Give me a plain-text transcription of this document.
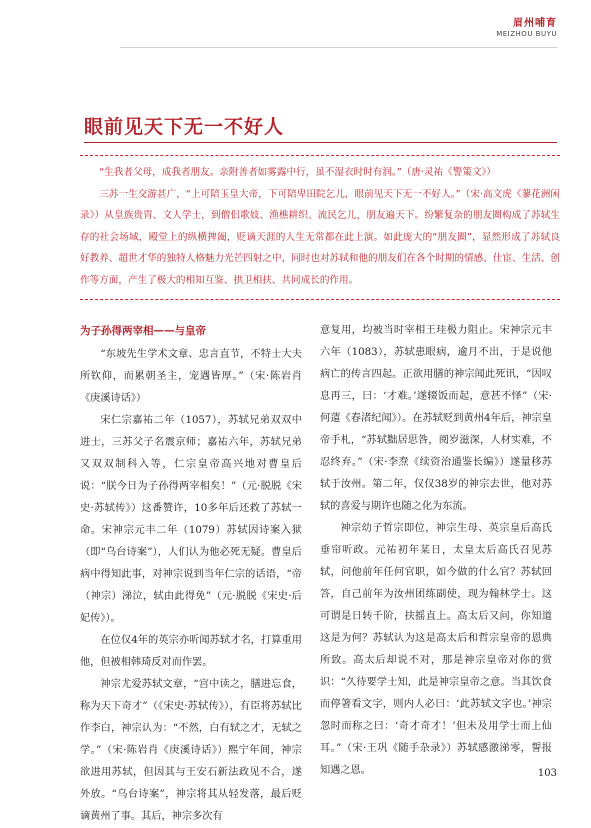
眉州哺育
MEIZHOU BUYU
眼前见天下无一不好人

“生我者父母，成我者朋友。亲附善者如雾露中行，虽不湿衣时时有润。”（唐·灵祐《警策文》）

三苏一生交游甚广，“上可陪玉皇大帝，下可陪卑田院乞儿，眼前见天下无一不好人。”（宋·高文虎《蓼花洲闲录》）从皇族贵胄、文人学士，到僧侣歌妓、渔樵耕织、流民乞儿，朋友遍天下。纷繁复杂的朋友圈构成了苏轼生存的社会场域，殿堂上的纵横捭阖，贬谪天涯的人生无常都在此上演。如此庞大的“朋友圈”，显然形成了苏轼良好教养、超世才华的独特人格魅力光芒四射之中，同时也对苏轼和他的朋友们在各个时期的情感、仕宦、生活、创作等方面，产生了极大的相知互鉴、拱卫相扶、共同成长的作用。

为子孙得两宰相——与皇帝

“东坡先生学术文章、忠言直节，不特士大夫所钦仰，而累朝圣主，宠遇皆厚。”（宋·陈岩肖《庚溪诗话》）

宋仁宗嘉祐二年（1057），苏轼兄弟双双中进士，三苏父子名震京师；嘉祐六年，苏轼兄弟又双双制科入等，仁宗皇帝高兴地对曹皇后说：“朕今日为子孙得两宰相矣！”（元·脱脱《宋史·苏轼传》）这番赞许，10多年后还救了苏轼一命。宋神宗元丰二年（1079）苏轼因诗案入狱（即“乌台诗案”），人们认为他必死无疑。曹皇后病中得知此事，对神宗说到当年仁宗的话语，“帝（神宗）涕泣，轼由此得免”（元·脱脱《宋史·后妃传》）。

在位仅4年的英宗亦听闻苏轼才名，打算重用他，但被相韩琦反对而作罢。

神宗尤爱苏轼文章，“宫中读之，膳进忘食，称为天下奇才”（《宋史·苏轼传》），有臣将苏轼比作李白，神宗认为：“不然，白有轼之才，无轼之学。”（宋·陈岩肖《庚溪诗话》）熙宁年间，神宗欲进用苏轼，但因其与王安石新法政见不合，遂外放。“乌台诗案”，神宗将其从轻发落，最后贬谪黄州了事。其后，神宗多次有

意复用，均被当时宰相王珪极力阻止。宋神宗元丰六年（1083），苏轼患眼病，逾月不出，于是说他病亡的传言四起。正欲用膳的神宗闻此死讯，“因叹息再三，曰：‘才难。’遂辍饭而起，意甚不怿”（宋·何薳《春渚纪闻》）。在苏轼贬到黄州4年后，神宗皇帝手札，“苏轼黜居思咎，阅岁滋深，人材实难，不忍终弃。”（宋·李焘《续资治通鉴长编》）遂量移苏轼于汝州。第二年，仅仅38岁的神宗去世，他对苏轼的喜爱与期许也随之化为东流。

神宗幼子哲宗即位，神宗生母、英宗皇后高氏垂帘听政。元祐初年某日，太皇太后高氏召见苏轼，问他前年任何官职，如今做的什么官？苏轼回答，自己前年为汝州团练副使，现为翰林学士。这可谓是日转千阶，扶摇直上。高太后又问，你知道这是为何？苏轼认为这是高太后和哲宗皇帝的恩典所致。高太后却说不对，那是神宗皇帝对你的赏识：“久待要学士知，此是神宗皇帝之意。当其饮食而停箸看文字，则内人必曰：‘此苏轼文字也。’神宗忽时而称之曰：‘奇才奇才！’但未及用学士而上仙耳。”（宋·王巩《随手杂录》）苏轼感激涕零，誓报知遇之恩。	103
